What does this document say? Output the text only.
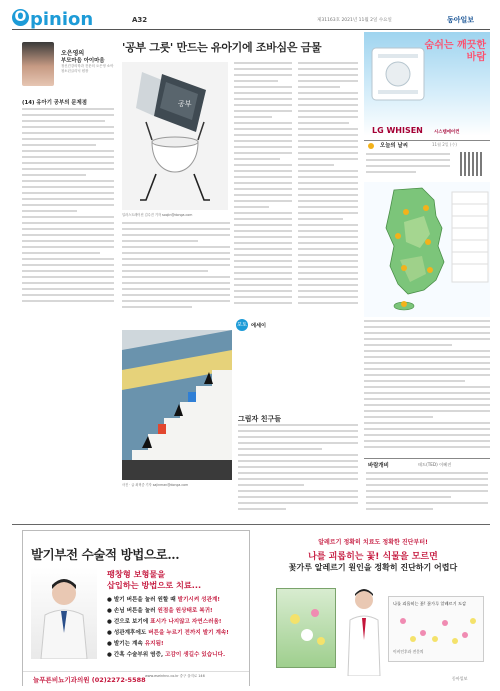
O pinion	A32	제31163호 2021년 11월 2일 수요일	동아일보
오은영의
부모마음 아이마음
정신건강의학과 전문의 오은영 소아청소년클리닉 원장
(14) 유아기 공부의 문제점
'공부 그릇' 만드는 유아기에 조바심은 금물
공부
일러스트레이션 김수진 기자 soojin@donga.com
숨쉬는 깨끗한 바람
LG WHISEN	시스템에어컨
오늘의 날씨	11월 2일 (수)
포토 에세이
사진 · 글 최혁중 기자 sajinman@donga.com
그림자 친구들
바람개비	테드(TED) 이혜진
발기부전 수술적 방법으로...
팽창형 보형물을
삽입하는 방법으로 치료...
● 발기 버튼을 눌러 원할 때 발기시켜 성관계!
● 손님 버튼을 눌러 원점을 원상태로 복귀!
● 걷으로 보기에 표시가 나지않고 자연스러움!
● 성관계후에도 버튼을 누르기 전까지 발기 계속!
● 발기는 계속 유지됨!
● 간혹 수술부위 염증, 고감이 생길수 있습니다.
늘푸른비뇨기과의원 (02)2272-5588 www.eseinhnc.co.kr 중구 을지로 146
알레르기 정확히 치료도 정확한 진단부터!
나를 괴롭히는 꽃! 식물을 모르면
꽃가루 알레르기 원인을 정확히 진단하기 어렵다
나를 괴롭히는 꽃! 꽃가루 알레르기 도감
이비인후과 전문의
동아일보
